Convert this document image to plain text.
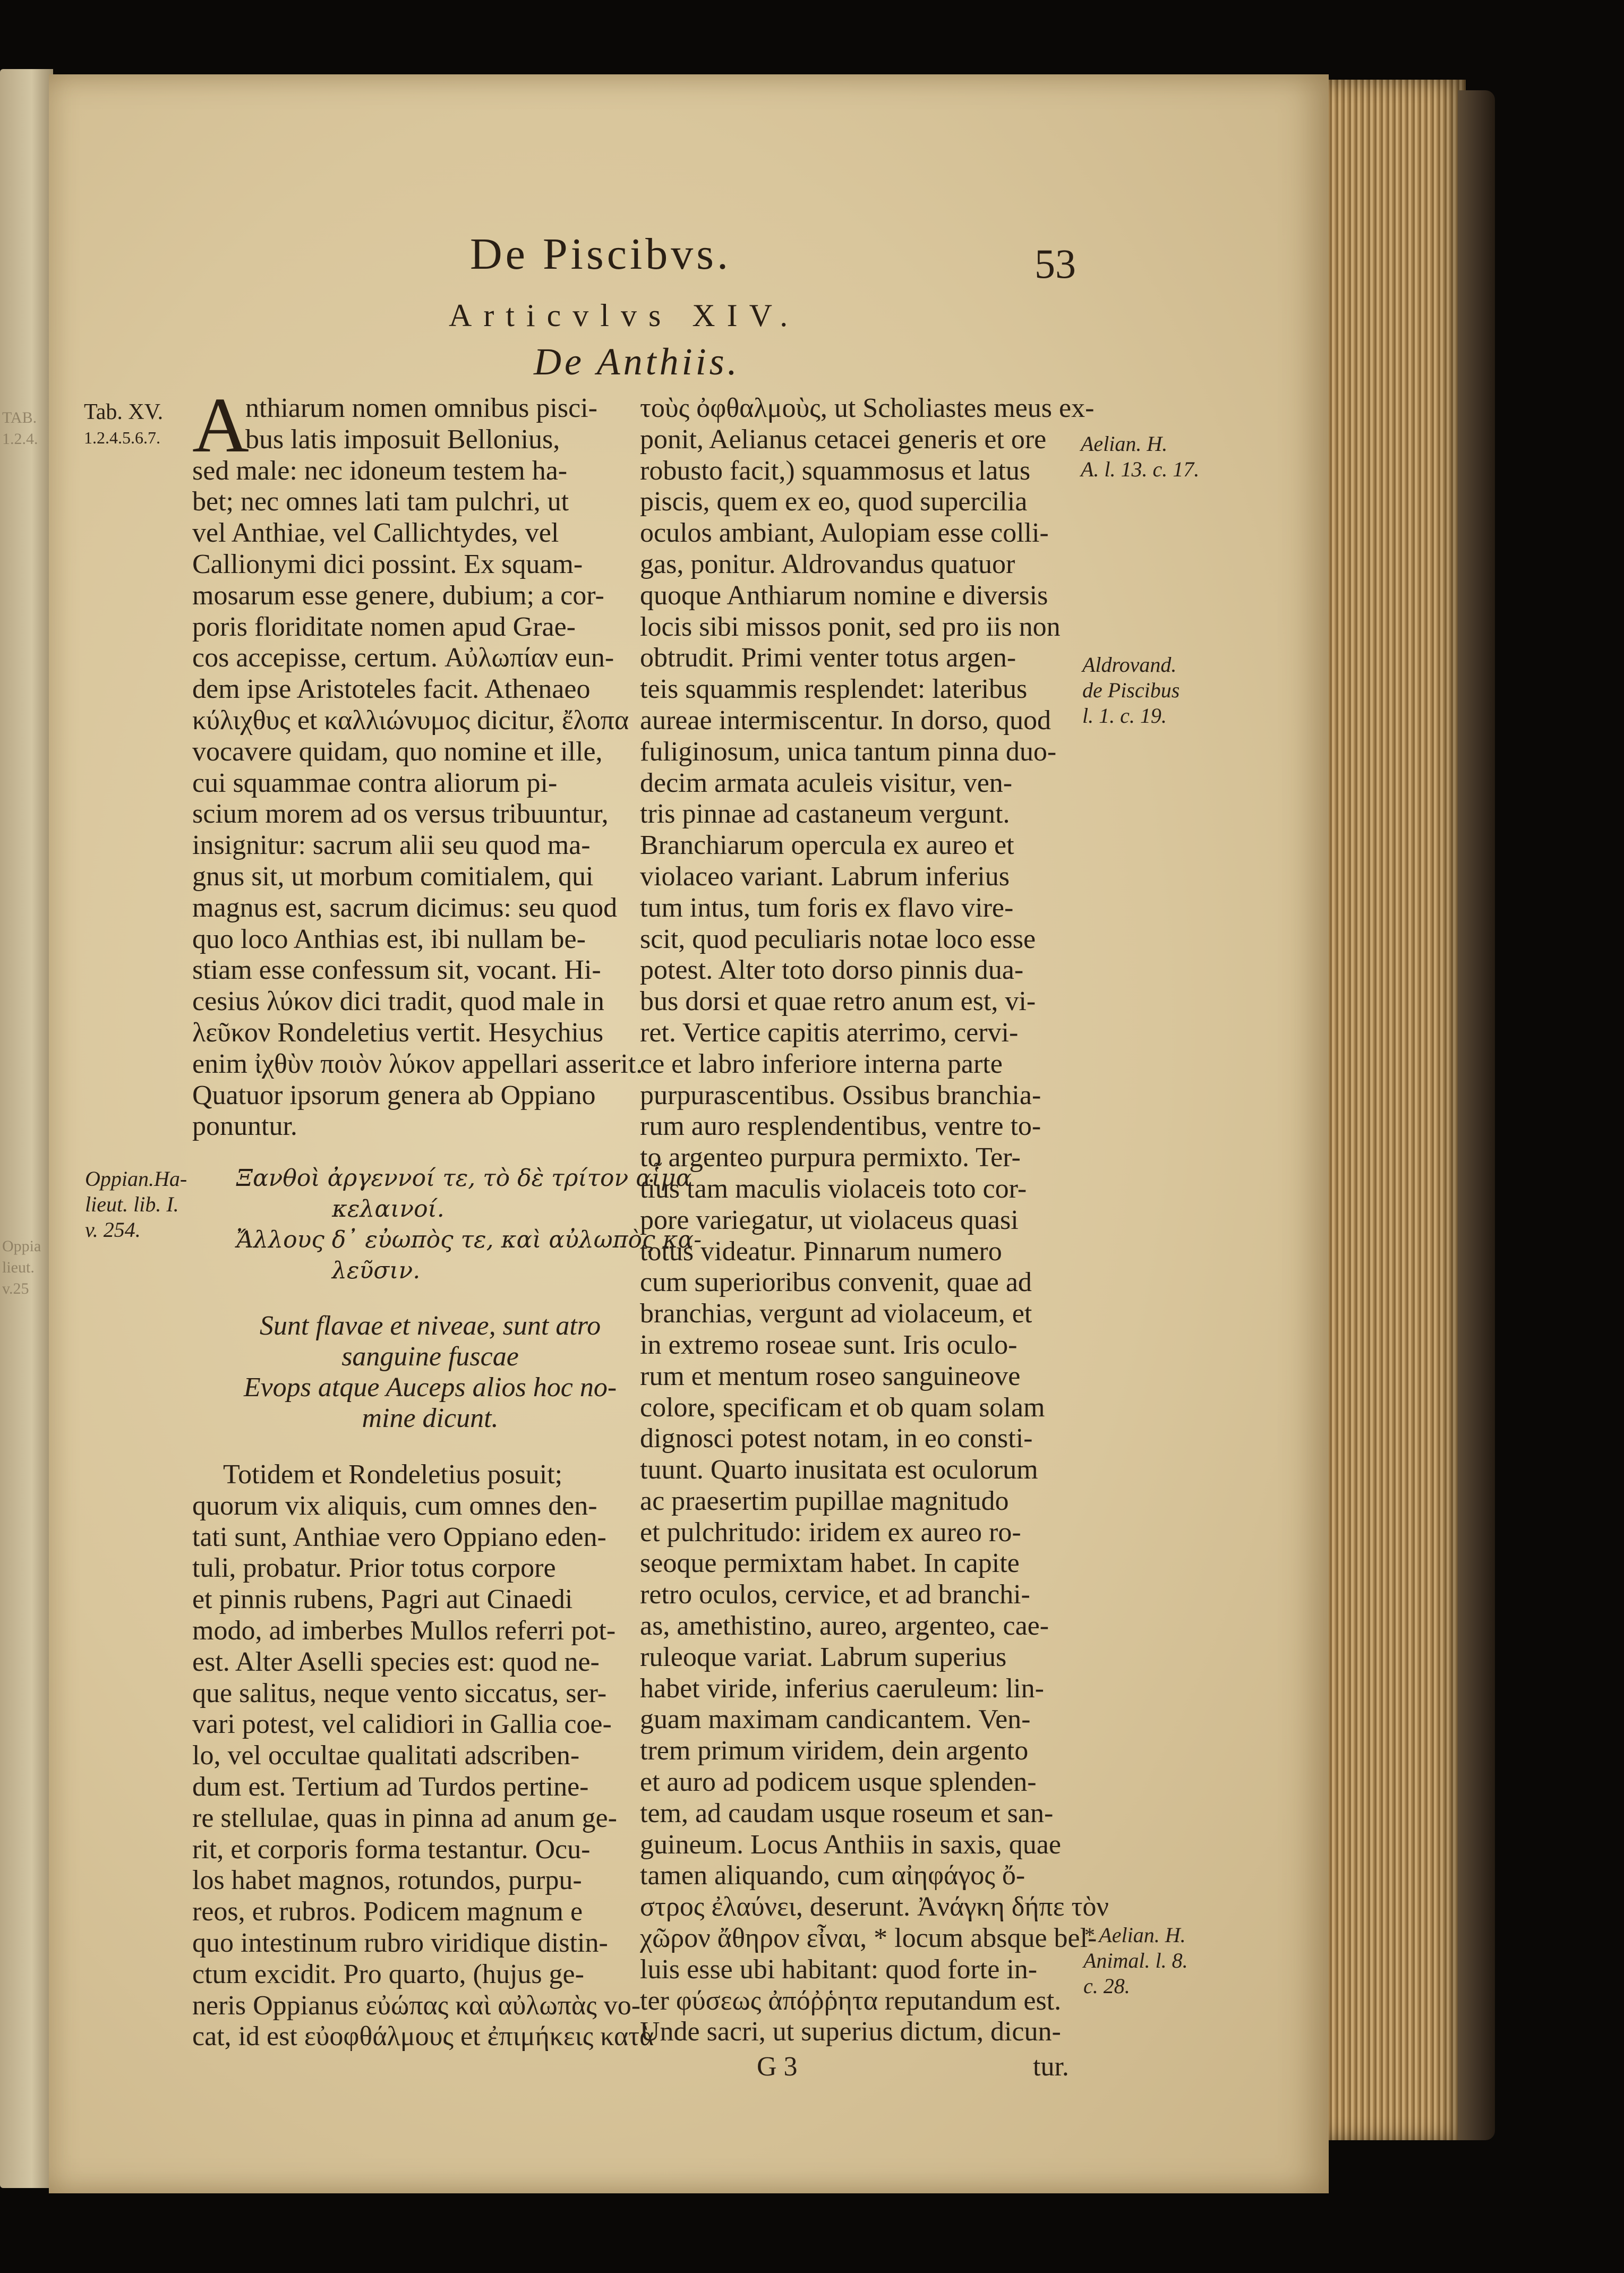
TAB.
1.2.4.
Oppia
lieut.
v.25
De Piscibvs.	53
Articvlvs XIV.
De Anthiis.
Tab. XV.
1.2.4.5.6.7.
Oppian.Ha-
lieut. lib. I.
v. 254.
Aelian. H.
A. l. 13. c. 17.
Aldrovand.
de Piscibus
l. 1. c. 19.
* Aelian. H.
Animal. l. 8.
c. 28.
A
nthiarum nomen omnibus pisci-
bus latis imposuit Bellonius,
sed male: nec idoneum testem ha-
bet; nec omnes lati tam pulchri, ut
vel Anthiae, vel Callichtydes, vel
Callionymi dici possint. Ex squam-
mosarum esse genere, dubium; a cor-
poris floriditate nomen apud Grae-
cos accepisse, certum. Αὐλωπίαν eun-
dem ipse Aristoteles facit. Athenaeo
κύλιχθυς et καλλιώνυμος dicitur, ἔλοπα
vocavere quidam, quo nomine et ille,
cui squammae contra aliorum pi-
scium morem ad os versus tribuuntur,
insignitur: sacrum alii seu quod ma-
gnus sit, ut morbum comitialem, qui
magnus est, sacrum dicimus: seu quod
quo loco Anthias est, ibi nullam be-
stiam esse confessum sit, vocant. Hi-
cesius λύκον dici tradit, quod male in
λεῦκον Rondeletius vertit. Hesychius
enim ἰχθὺν ποιὸν λύκον appellari asserit.
Quatuor ipsorum genera ab Oppiano
ponuntur.
Ξανθοὶ ἀργεννοί τε, τὸ δὲ τρίτον αἷμα
κελαινοί.
Ἄλλους δ᾽ εὐωπὸς τε, καὶ αὐλωπὸς κα-
λεῦσιν.
Sunt flavae et niveae, sunt atro
sanguine fuscae
Evops atque Auceps alios hoc no-
mine dicunt.
Totidem et Rondeletius posuit;
quorum vix aliquis, cum omnes den-
tati sunt, Anthiae vero Oppiano eden-
tuli, probatur. Prior totus corpore
et pinnis rubens, Pagri aut Cinaedi
modo, ad imberbes Mullos referri pot-
est. Alter Aselli species est: quod ne-
que salitus, neque vento siccatus, ser-
vari potest, vel calidiori in Gallia coe-
lo, vel occultae qualitati adscriben-
dum est. Tertium ad Turdos pertine-
re stellulae, quas in pinna ad anum ge-
rit, et corporis forma testantur. Ocu-
los habet magnos, rotundos, purpu-
reos, et rubros. Podicem magnum e
quo intestinum rubro viridique distin-
ctum excidit. Pro quarto, (hujus ge-
neris Oppianus εὐώπας καὶ αὐλωπὰς vo-
cat, id est εὐοφθάλμους et ἐπιμήκεις κατὰ
τοὺς ὀφθαλμοὺς, ut Scholiastes meus ex-
ponit, Aelianus cetacei generis et ore
robusto facit,) squammosus et latus
piscis, quem ex eo, quod supercilia
oculos ambiant, Aulopiam esse colli-
gas, ponitur. Aldrovandus quatuor
quoque Anthiarum nomine e diversis
locis sibi missos ponit, sed pro iis non
obtrudit. Primi venter totus argen-
teis squammis resplendet: lateribus
aureae intermiscentur. In dorso, quod
fuliginosum, unica tantum pinna duo-
decim armata aculeis visitur, ven-
tris pinnae ad castaneum vergunt.
Branchiarum opercula ex aureo et
violaceo variant. Labrum inferius
tum intus, tum foris ex flavo vire-
scit, quod peculiaris notae loco esse
potest. Alter toto dorso pinnis dua-
bus dorsi et quae retro anum est, vi-
ret. Vertice capitis aterrimo, cervi-
ce et labro inferiore interna parte
purpurascentibus. Ossibus branchia-
rum auro resplendentibus, ventre to-
to argenteo purpura permixto. Ter-
tius tam maculis violaceis toto cor-
pore variegatur, ut violaceus quasi
totus videatur. Pinnarum numero
cum superioribus convenit, quae ad
branchias, vergunt ad violaceum, et
in extremo roseae sunt. Iris oculo-
rum et mentum roseo sanguineove
colore, specificam et ob quam solam
dignosci potest notam, in eo consti-
tuunt. Quarto inusitata est oculorum
ac praesertim pupillae magnitudo
et pulchritudo: iridem ex aureo ro-
seoque permixtam habet. In capite
retro oculos, cervice, et ad branchi-
as, amethistino, aureo, argenteo, cae-
ruleoque variat. Labrum superius
habet viride, inferius caeruleum: lin-
guam maximam candicantem. Ven-
trem primum viridem, dein argento
et auro ad podicem usque splenden-
tem, ad caudam usque roseum et san-
guineum. Locus Anthiis in saxis, quae
tamen aliquando, cum αἰηφάγος ὄ-
στρος ἐλαύνει, deserunt. Ἀνάγκη δήπε τὸν
χῶρον ἄθηρον εἶναι, * locum absque bel-
luis esse ubi habitant: quod forte in-
ter φύσεως ἀπόῤῥητα reputandum est.
Unde sacri, ut superius dictum, dicun-
G 3	tur.
